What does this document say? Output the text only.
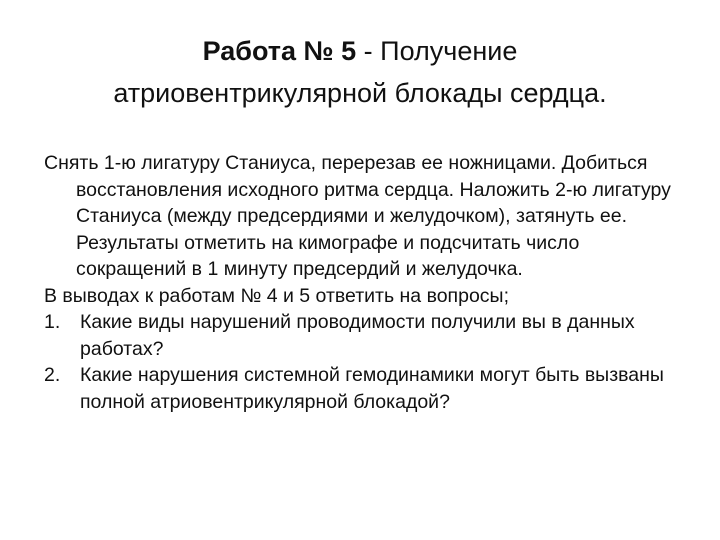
Работа № 5 - Получение
атриовентрикулярной блокады сердца.

Снять 1-ю лигатуру Станиуса, перерезав ее ножницами. Добиться восстановления исходного ритма сердца. Наложить 2-ю лигатуру Станиуса (между предсердиями и желудочком), затянуть ее. Результаты отметить на кимографе и подсчитать число сокращений в 1 минуту предсердий и желудочка.

В выводах к работам № 4 и 5 ответить на вопросы;

1. Какие виды нарушений проводимости получили вы в данных работах?
2. Какие нарушения системной гемодинамики могут быть вызваны полной атриовентрикулярной блокадой?
